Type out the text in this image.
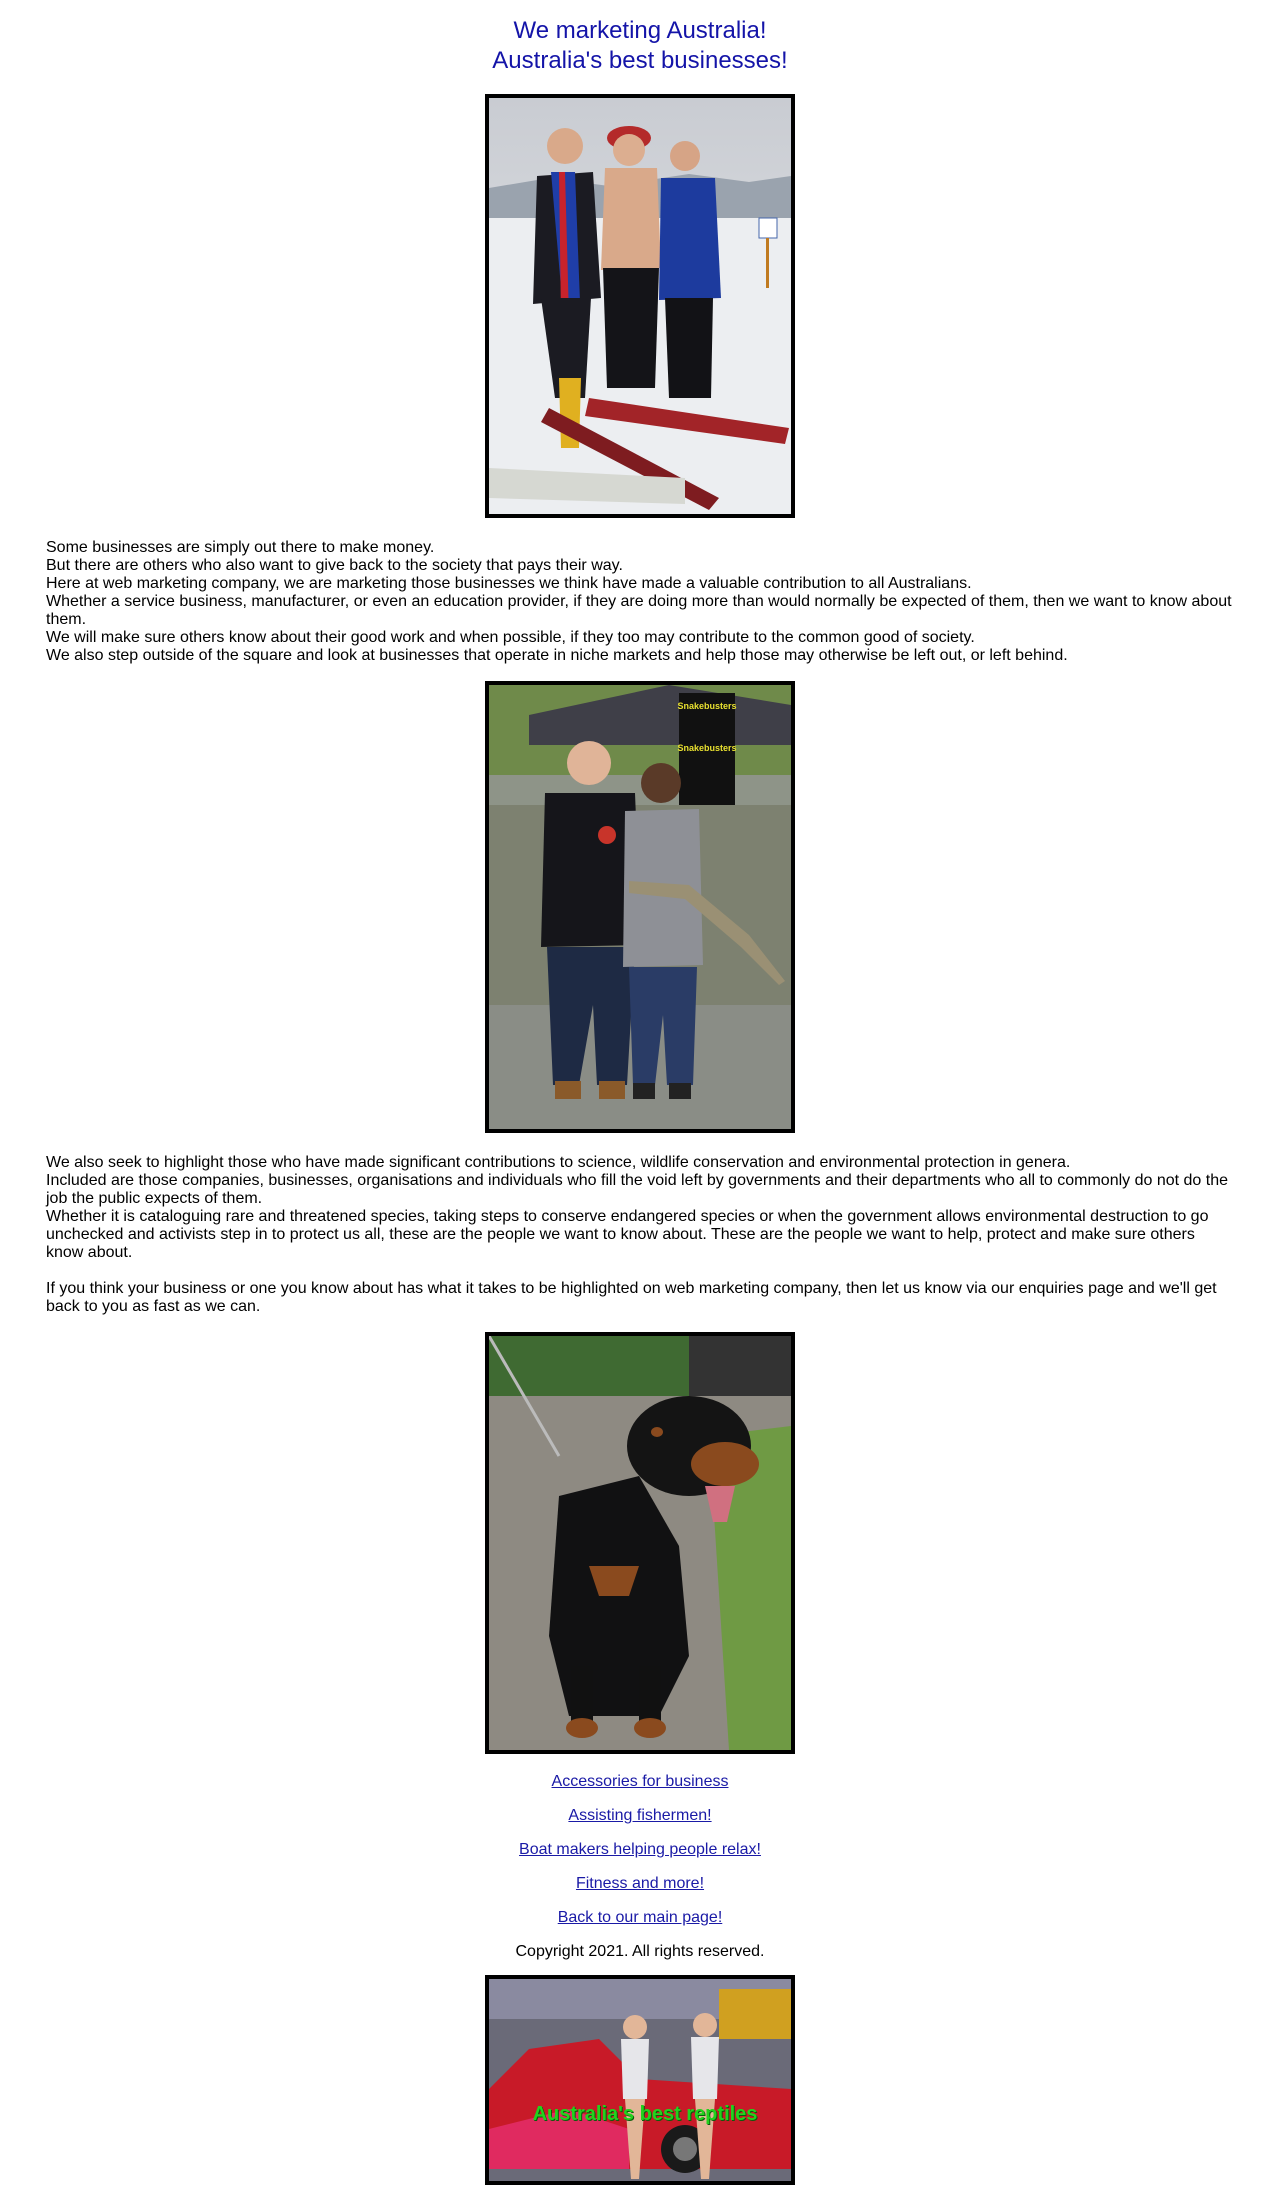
We marketing Australia!
Australia's best businesses!

Some businesses are simply out there to make money.

But there are others who also want to give back to the society that pays their way.

Here at web marketing company, we are marketing those businesses we think have made a valuable contribution to all Australians.

Whether a service business, manufacturer, or even an education provider, if they are doing more than would normally be expected of them, then we want to know about them.

We will make sure others know about their good work and when possible, if they too may contribute to the common good of society.

We also step outside of the square and look at businesses that operate in niche markets and help those may otherwise be left out, or left behind.

Snakebusters
Snakebusters

We also seek to highlight those who have made significant contributions to science, wildlife conservation and environmental protection in genera.

Included are those companies, businesses, organisations and individuals who fill the void left by governments and their departments who all to commonly do not do the job the public expects of them.

Whether it is cataloguing rare and threatened species, taking steps to conserve endangered species or when the government allows environmental destruction to go unchecked and activists step in to protect us all, these are the people we want to know about. These are the people we want to help, protect and make sure others know about.

If you think your business or one you know about has what it takes to be highlighted on web marketing company, then let us know via our enquiries page and we'll get back to you as fast as we can.

Accessories for business
Assisting fishermen!
Boat makers helping people relax!
Fitness and more!
Back to our main page!
Copyright 2021. All rights reserved.
Australia's best reptiles
